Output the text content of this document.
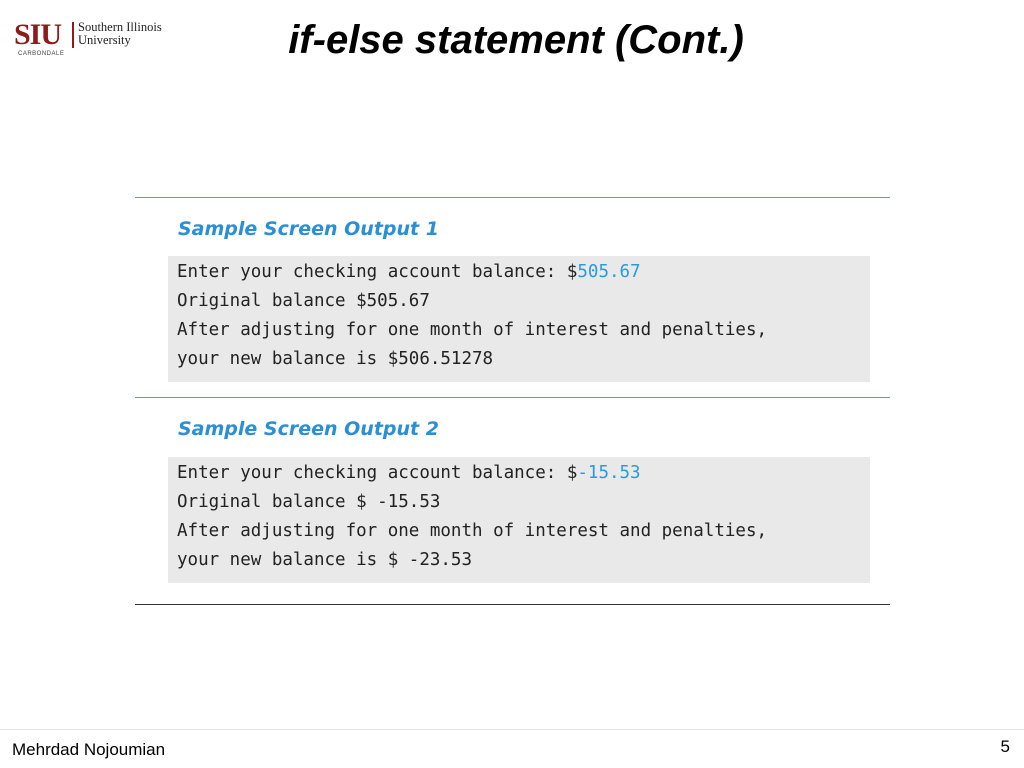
SIU Southern Illinois
University
CARBONDALE	if-else statement (Cont.)
Sample Screen Output 1
Enter your checking account balance: $505.67
Original balance $505.67
After adjusting for one month of interest and penalties,
your new balance is $506.51278
Sample Screen Output 2
Enter your checking account balance: $-15.53
Original balance $ -15.53
After adjusting for one month of interest and penalties,
your new balance is $ -23.53
Mehrdad Nojoumian	5
